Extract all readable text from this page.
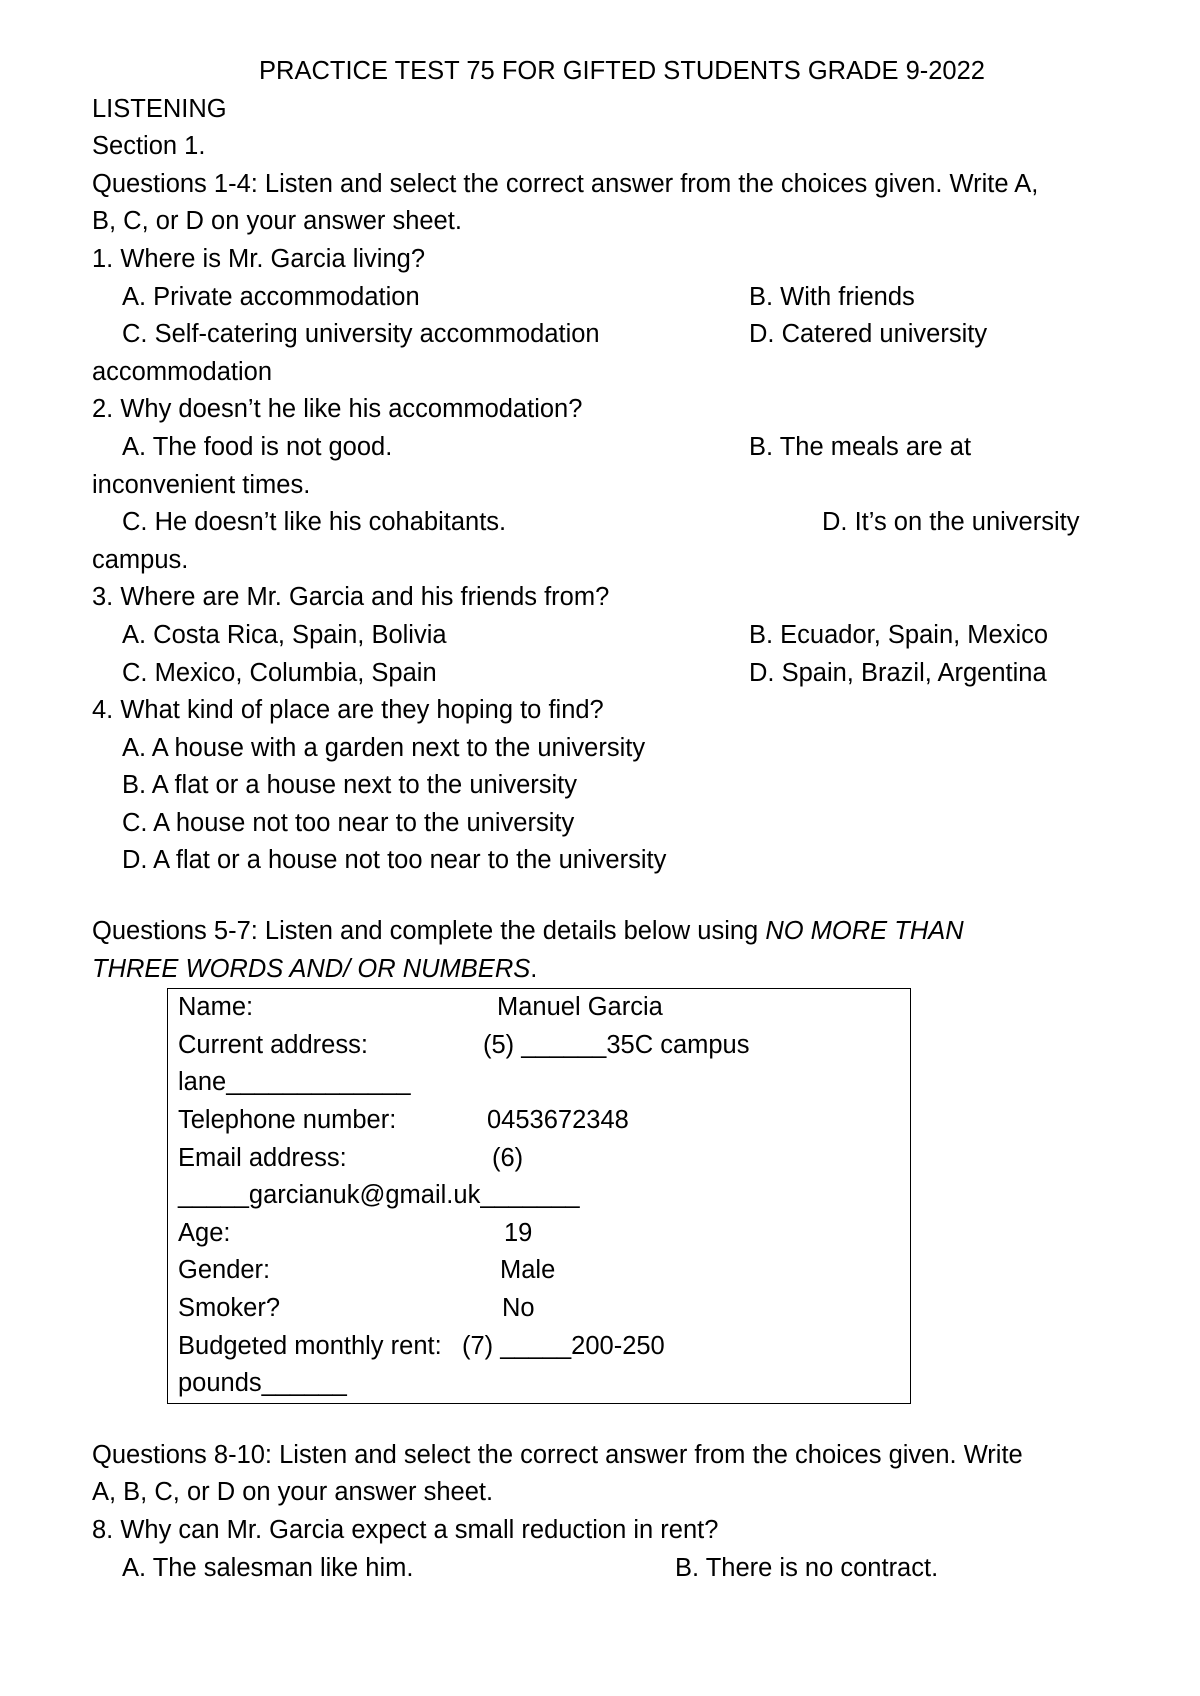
PRACTICE TEST 75 FOR GIFTED STUDENTS GRADE 9-2022
LISTENING
Section 1.
Questions 1-4: Listen and select the correct answer from the choices given. Write A,
B, C, or D on your answer sheet.
1. Where is Mr. Garcia living?
A. Private accommodation	B. With friends
C. Self-catering university accommodation	D. Catered university
accommodation
2. Why doesn’t he like his accommodation?
A. The food is not good.	B. The meals are at
inconvenient times.
C. He doesn’t like his cohabitants.	D. It’s on the university
campus.
3. Where are Mr. Garcia and his friends from?
A. Costa Rica, Spain, Bolivia	B. Ecuador, Spain, Mexico
C. Mexico, Columbia, Spain	D. Spain, Brazil, Argentina
4. What kind of place are they hoping to find?
A. A house with a garden next to the university
B. A flat or a house next to the university
C. A house not too near to the university
D. A flat or a house not too near to the university
Questions 5-7: Listen and complete the details below using NO MORE THAN
THREE WORDS AND/ OR NUMBERS.
Name:	Manuel Garcia
Current address:	(5) ______35C campus
lane_____________
Telephone number:	0453672348
Email address:	(6)
_____garcianuk@gmail.uk_______
Age:	19
Gender:	Male
Smoker?	No
Budgeted monthly rent: (7) _____200-250
pounds______
Questions 8-10: Listen and select the correct answer from the choices given. Write
A, B, C, or D on your answer sheet.
8. Why can Mr. Garcia expect a small reduction in rent?
A. The salesman like him.	B. There is no contract.
